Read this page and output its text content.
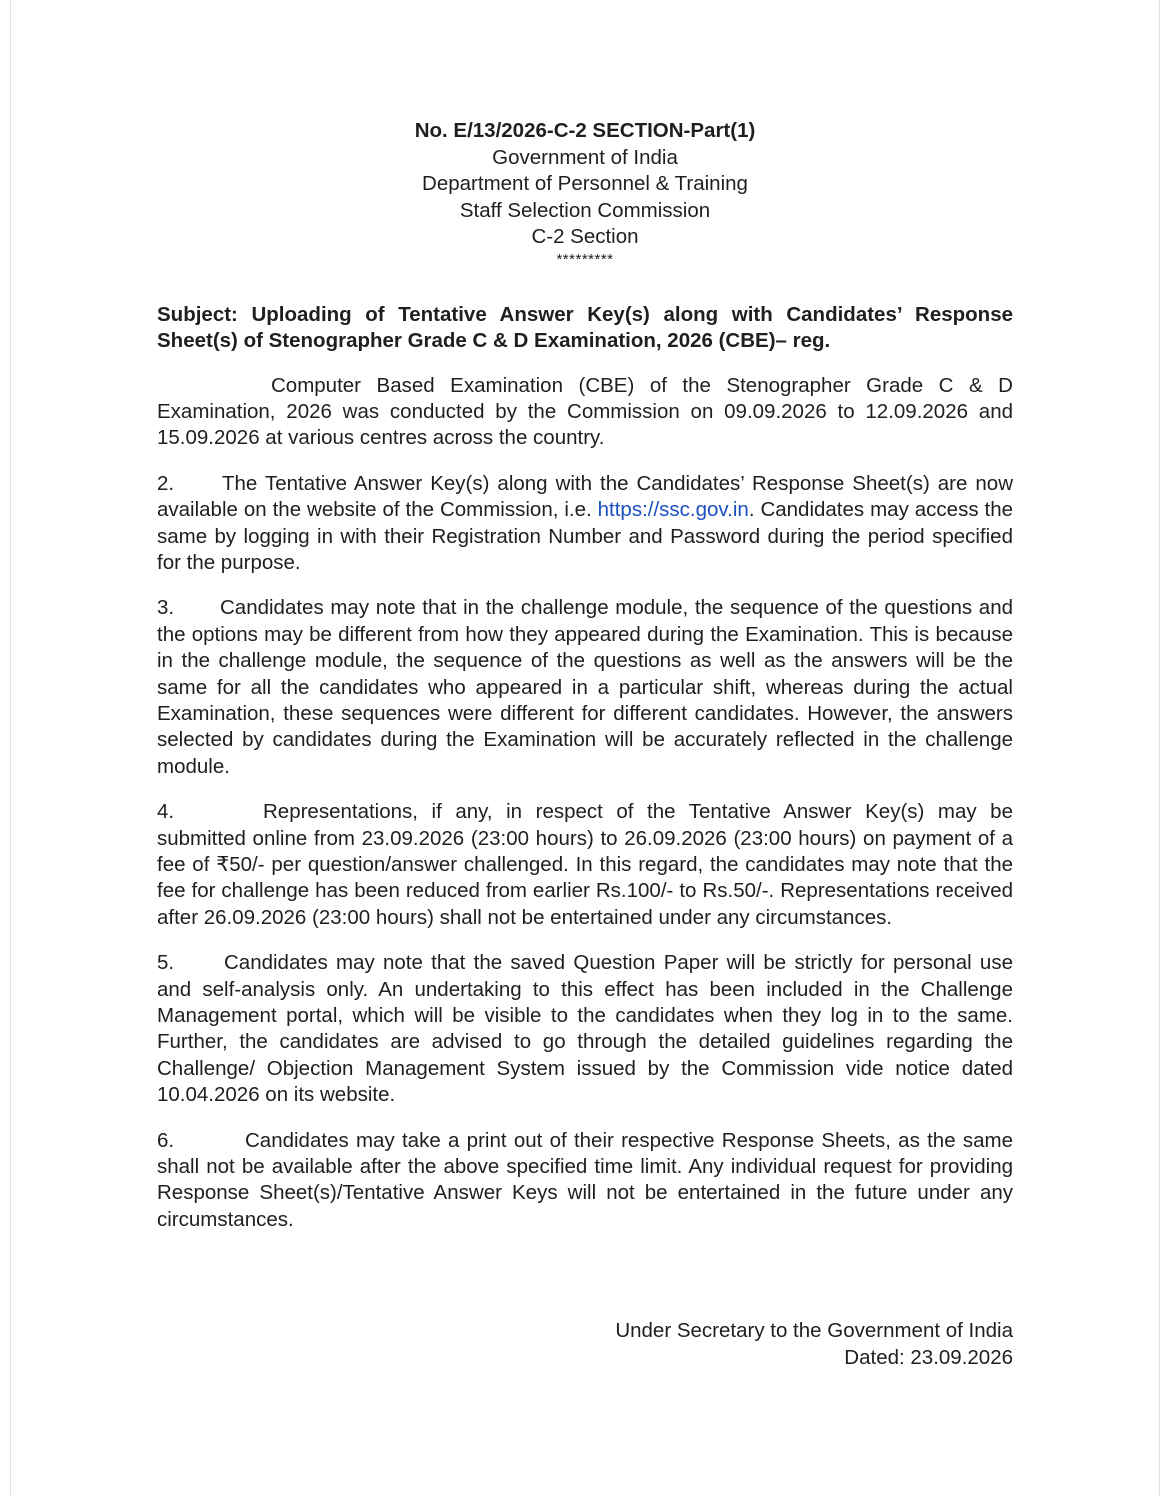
No. E/13/2026-C-2 SECTION-Part(1)
Government of India
Department of Personnel & Training
Staff Selection Commission
C-2 Section
*********
Subject: Uploading of Tentative Answer Key(s) along with Candidates’ Response Sheet(s) of Stenographer Grade C & D Examination, 2026 (CBE)– reg.

Computer Based Examination (CBE) of the Stenographer Grade C & D Examination, 2026 was conducted by the Commission on 09.09.2026 to 12.09.2026 and 15.09.2026 at various centres across the country.

2. The Tentative Answer Key(s) along with the Candidates’ Response Sheet(s) are now available on the website of the Commission, i.e. https://ssc.gov.in. Candidates may access the same by logging in with their Registration Number and Password during the period specified for the purpose.

3. Candidates may note that in the challenge module, the sequence of the questions and the options may be different from how they appeared during the Examination. This is because in the challenge module, the sequence of the questions as well as the answers will be the same for all the candidates who appeared in a particular shift, whereas during the actual Examination, these sequences were different for different candidates. However, the answers selected by candidates during the Examination will be accurately reflected in the challenge module.

4.	Representations, if any, in respect of the Tentative Answer Key(s) may be submitted online from 23.09.2026 (23:00 hours) to 26.09.2026 (23:00 hours) on payment of a fee of ₹50/- per question/answer challenged. In this regard, the candidates may note that the fee for challenge has been reduced from earlier Rs.100/- to Rs.50/-. Representations received after 26.09.2026 (23:00 hours) shall not be entertained under any circumstances.

5. Candidates may note that the saved Question Paper will be strictly for personal use and self-analysis only. An undertaking to this effect has been included in the Challenge Management portal, which will be visible to the candidates when they log in to the same. Further, the candidates are advised to go through the detailed guidelines regarding the Challenge/ Objection Management System issued by the Commission vide notice dated 10.04.2026 on its website.

6.	Candidates may take a print out of their respective Response Sheets, as the same shall not be available after the above specified time limit. Any individual request for providing Response Sheet(s)/Tentative Answer Keys will not be entertained in the future under any circumstances.

Under Secretary to the Government of India
Dated: 23.09.2026
